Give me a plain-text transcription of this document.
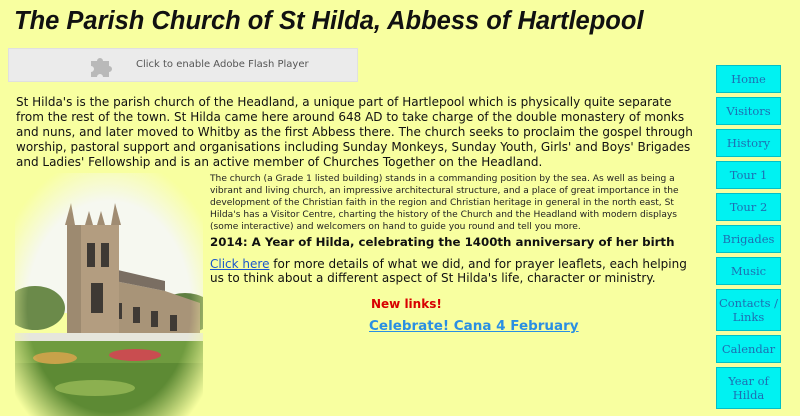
The Parish Church of St Hilda, Abbess of Hartlepool
Click to enable Adobe Flash Player

St Hilda's is the parish church of the Headland, a unique part of Hartlepool which is physically quite separate from the rest of the town. St Hilda came here around 648 AD to take charge of the double monastery of monks and nuns, and later moved to Whitby as the first Abbess there. The church seeks to proclaim the gospel through worship, pastoral support and organisations including Sunday Monkeys, Sunday Youth, Girls' and Boys' Brigades and Ladies' Fellowship and is an active member of Churches Together on the Headland.

The church (a Grade 1 listed building) stands in a commanding position by the sea. As well as being a vibrant and living church, an impressive architectural structure, and a place of great importance in the development of the Christian faith in the region and Christian heritage in general in the north east, St Hilda's has a Visitor Centre, charting the history of the Church and the Headland with modern displays (some interactive) and welcomers on hand to guide you round and tell you more.

2014: A Year of Hilda, celebrating the 1400th anniversary of her birth

Click here for more details of what we did, and for prayer leaflets, each helping us to think about a different aspect of St Hilda's life, character or ministry.

New links!

Celebrate! Cana 4 February
Home
Visitors
History
Tour 1
Tour 2
Brigades
Music
Contacts / Links
Calendar
Year of Hilda
